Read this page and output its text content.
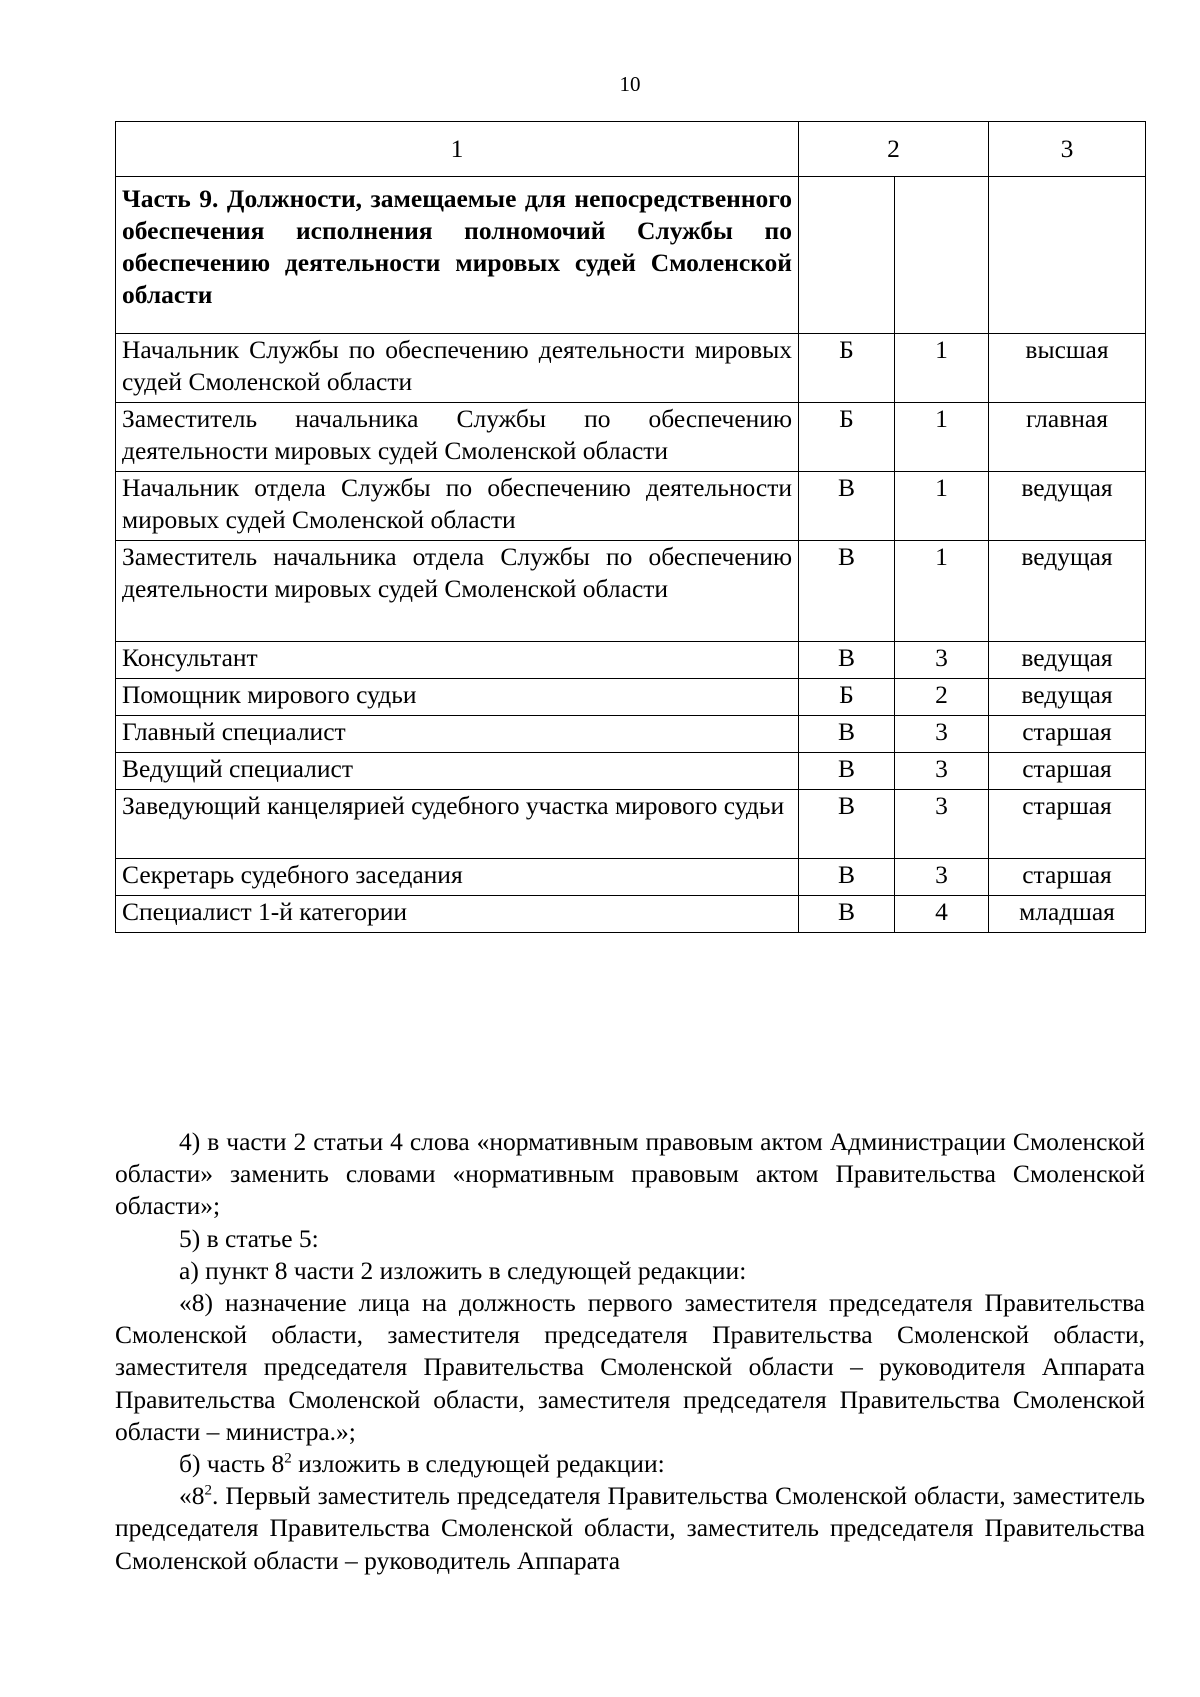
10
1	2		3
Часть 9. Должности, замещаемые для непосредственного обеспечения исполнения полномочий Службы по обеспечению деятельности мировых судей Смоленской области			
Начальник Службы по обеспечению деятельности мировых судей Смоленской области	Б	1	высшая
Заместитель начальника Службы по обеспечению деятельности мировых судей Смоленской области	Б	1	главная
Начальник отдела Службы по обеспечению деятельности мировых судей Смоленской области	В	1	ведущая
Заместитель начальника отдела Службы по обеспечению деятельности мировых судей Смоленской области	В	1	ведущая
Консультант	В	3	ведущая
Помощник мирового судьи	Б	2	ведущая
Главный специалист	В	3	старшая
Ведущий специалист	В	3	старшая
Заведующий канцелярией судебного участка мирового судьи	В	3	старшая
Секретарь судебного заседания	В	3	старшая
Специалист 1-й категории	В	4	младшая

4) в части 2 статьи 4 слова «нормативным правовым актом Администрации Смоленской области» заменить словами «нормативным правовым актом Правительства Смоленской области»;

5) в статье 5:

а) пункт 8 части 2 изложить в следующей редакции:

«8) назначение лица на должность первого заместителя председателя Правительства Смоленской области, заместителя председателя Правительства Смоленской области, заместителя председателя Правительства Смоленской области – руководителя Аппарата Правительства Смоленской области, заместителя председателя Правительства Смоленской области – министра.»;

б) часть $8^2$ изложить в следующей редакции:

«$8^2$. Первый заместитель председателя Правительства Смоленской области, заместитель председателя Правительства Смоленской области, заместитель председателя Правительства Смоленской области – руководитель Аппарата
